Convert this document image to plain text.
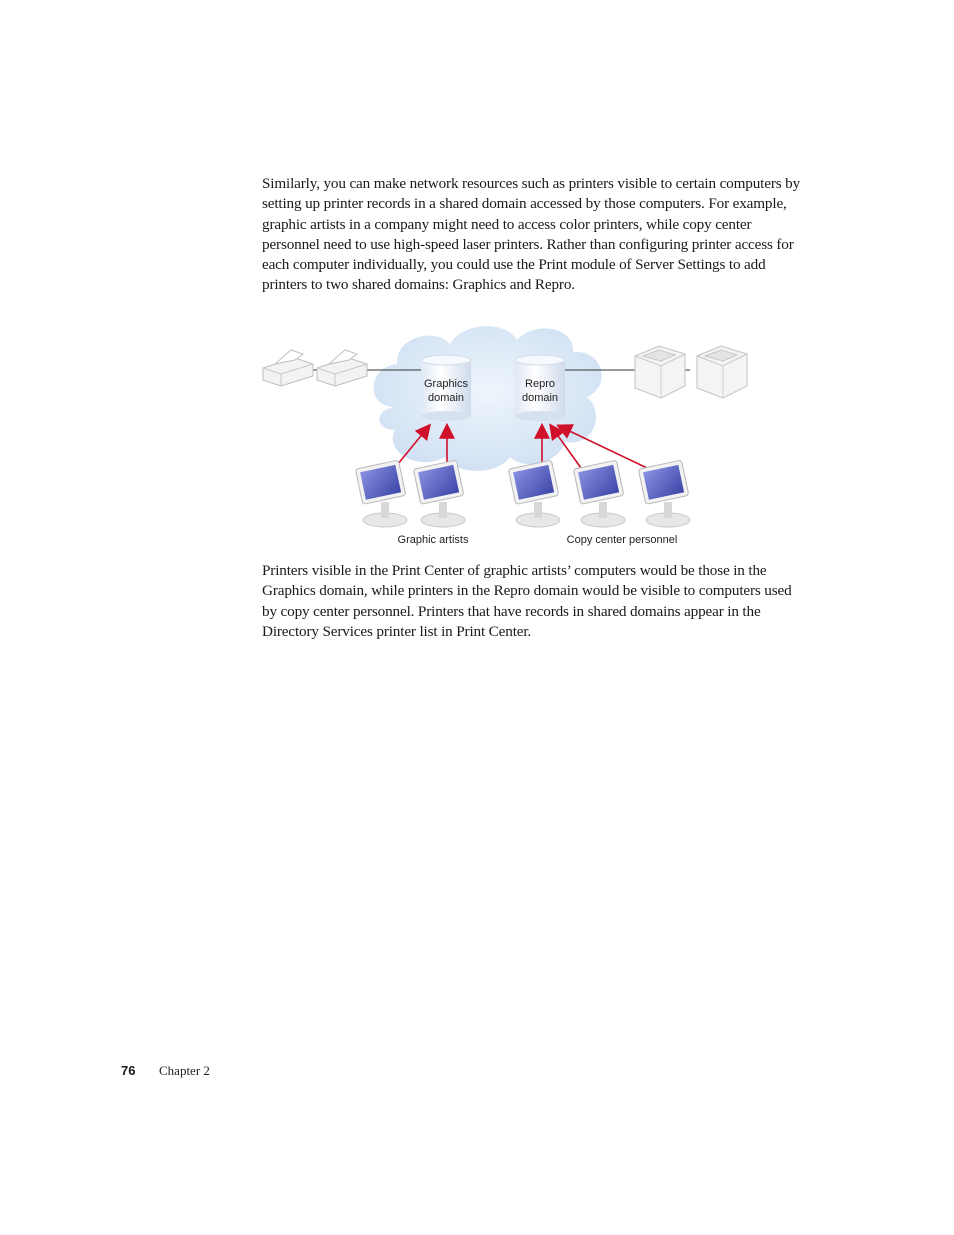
Similarly, you can make network resources such as printers visible to certain computers by setting up printer records in a shared domain accessed by those computers. For example, graphic artists in a company might need to access color printers, while copy center personnel need to use high-speed laser printers. Rather than configuring printer access for each computer individually, you could use the Print module of Server Settings to add printers to two shared domains: Graphics and Repro.

Graphics
domain
Repro
domain
Graphic artists	Copy center personnel

Printers visible in the Print Center of graphic artists’ computers would be those in the Graphics domain, while printers in the Repro domain would be visible to computers used by copy center personnel. Printers that have records in shared domains appear in the Directory Services printer list in Print Center.

76	Chapter 2
